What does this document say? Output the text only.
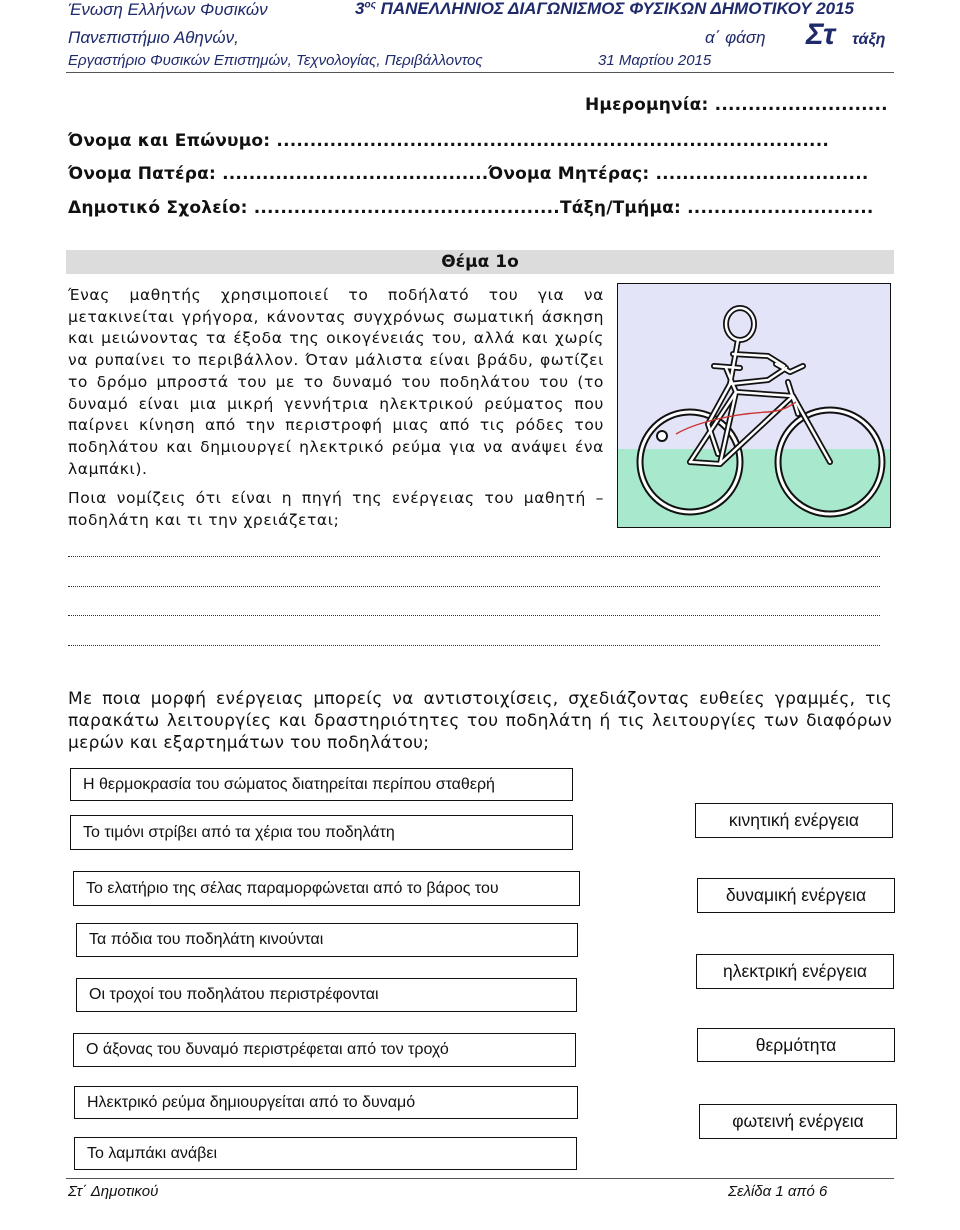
Ένωση Ελλήνων Φυσικών	$3^{o\varsigma}$ ΠΑΝΕΛΛΗΝΙΟΣ ΔΙΑΓΩΝΙΣΜΟΣ ΦΥΣΙΚΩΝ ΔΗΜΟΤΙΚΟΥ 2015
Πανεπιστήμιο Αθηνών,	α΄ φάση Στ τάξη
Εργαστήριο Φυσικών Επιστημών, Τεχνολογίας, Περιβάλλοντος	31 Μαρτίου 2015
Ημερομηνία: ..........................
Όνομα και Επώνυμο: ...................................................................................
Όνομα Πατέρα: ........................................ Όνομα Μητέρας: ................................
Δημοτικό Σχολείο: .............................................. Τάξη/Τμήμα: ............................
Θέμα 1ο
Ένας μαθητής χρησιμοποιεί το ποδήλατό του για να μετακινείται γρήγορα, κάνοντας συγχρόνως σωματική άσκηση και μειώνοντας τα έξοδα της οικογένειάς του, αλλά και χωρίς να ρυπαίνει το περιβάλλον. Όταν μάλιστα είναι βράδυ, φωτίζει το δρόμο μπροστά του με το δυναμό του ποδηλάτου του (το δυναμό είναι μια μικρή γεννήτρια ηλεκτρικού ρεύματος που παίρνει κίνηση από την περιστροφή μιας από τις ρόδες του ποδηλάτου και δημιουργεί ηλεκτρικό ρεύμα για να ανάψει ένα λαμπάκι).
Ποια νομίζεις ότι είναι η πηγή της ενέργειας του μαθητή – ποδηλάτη και τι την χρειάζεται;
Με ποια μορφή ενέργειας μπορείς να αντιστοιχίσεις, σχεδιάζοντας ευθείες γραμμές, τις παρακάτω λειτουργίες και δραστηριότητες του ποδηλάτη ή τις λειτουργίες των διαφόρων μερών και εξαρτημάτων του ποδηλάτου;
Η θερμοκρασία του σώματος διατηρείται περίπου σταθερή
Το τιμόνι στρίβει από τα χέρια του ποδηλάτη
Το ελατήριο της σέλας παραμορφώνεται από το βάρος του
Τα πόδια του ποδηλάτη κινούνται
Οι τροχοί του ποδηλάτου περιστρέφονται
Ο άξονας του δυναμό περιστρέφεται από τον τροχό
Ηλεκτρικό ρεύμα δημιουργείται από το δυναμό
Το λαμπάκι ανάβει
κινητική ενέργεια
δυναμική ενέργεια
ηλεκτρική ενέργεια
θερμότητα
φωτεινή ενέργεια
Στ΄ Δημοτικού	Σελίδα 1 από 6
